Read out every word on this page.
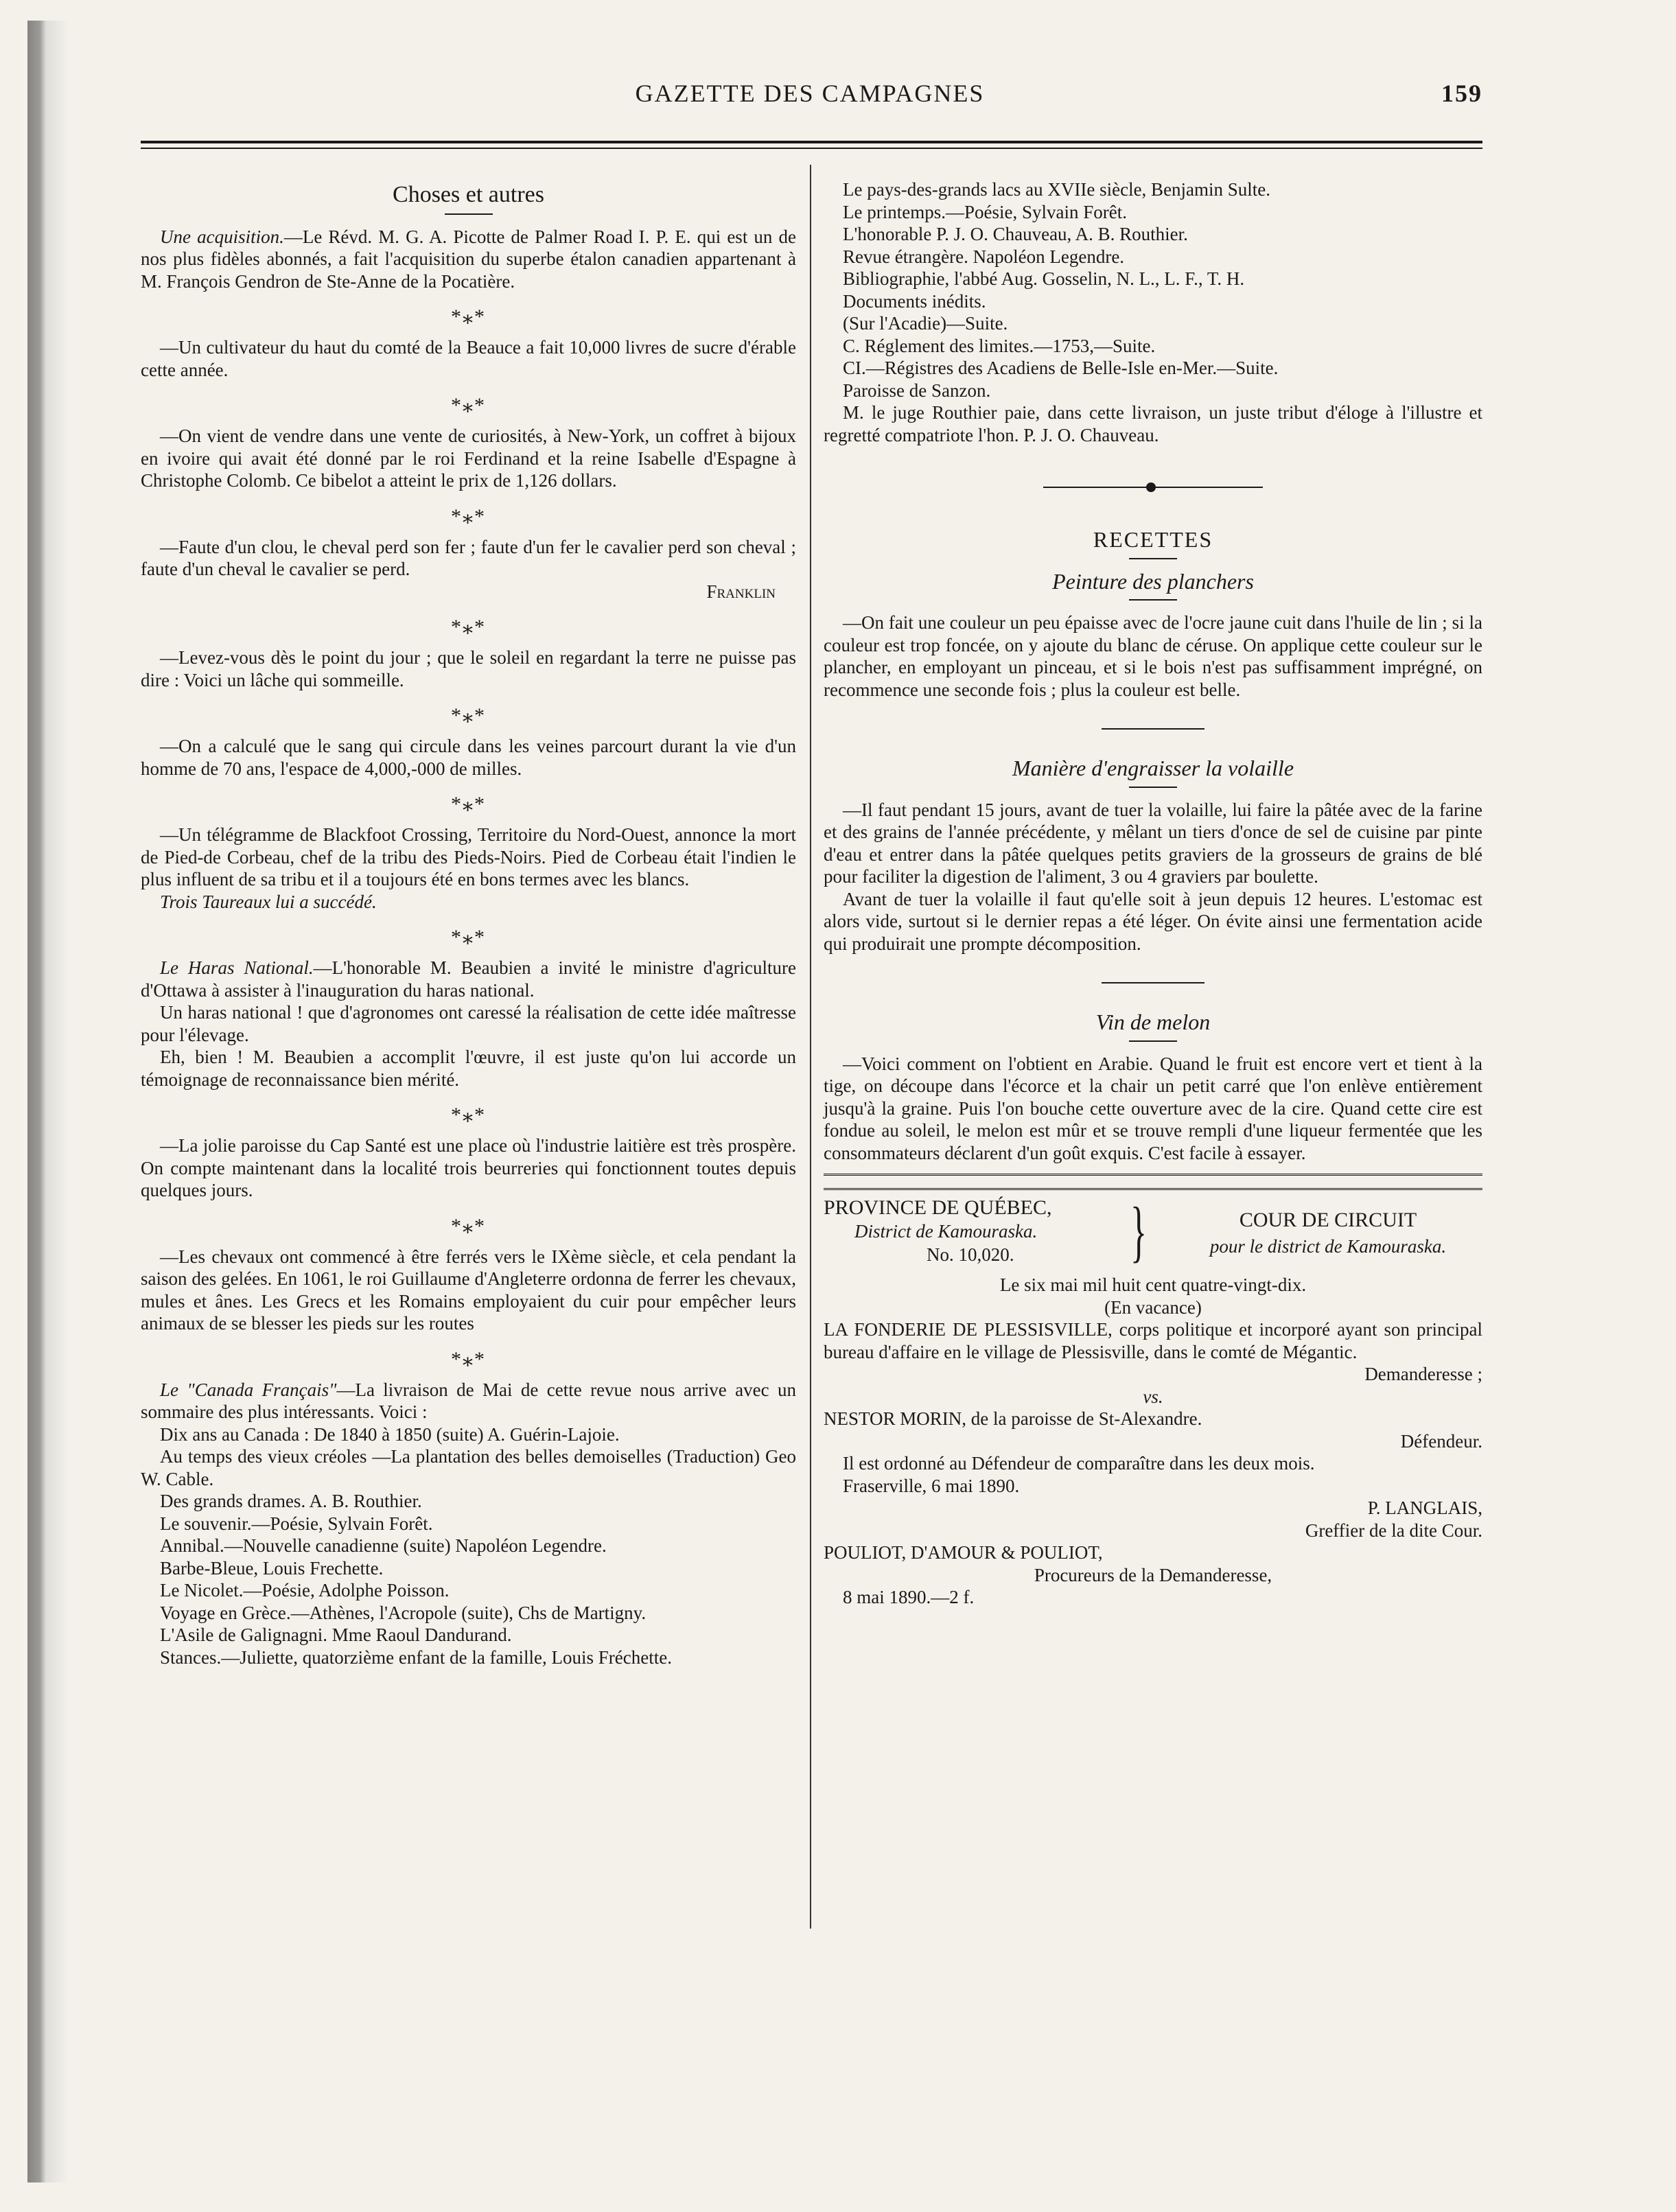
GAZETTE DES CAMPAGNES	159
Choses et autres

Une acquisition.—Le Révd. M. G. A. Picotte de Palmer Road I. P. E. qui est un de nos plus fidèles abonnés, a fait l'acquisition du superbe étalon canadien appartenant à M. François Gendron de Ste-Anne de la Pocatière.

*⁎*

—Un cultivateur du haut du comté de la Beauce a fait 10,000 livres de sucre d'érable cette année.

*⁎*

—On vient de vendre dans une vente de curiosités, à New-York, un coffret à bijoux en ivoire qui avait été donné par le roi Ferdinand et la reine Isabelle d'Espagne à Christophe Colomb. Ce bibelot a atteint le prix de 1,126 dollars.

*⁎*

—Faute d'un clou, le cheval perd son fer ; faute d'un fer le cavalier perd son cheval ; faute d'un cheval le cavalier se perd.

Franklin

*⁎*

—Levez-vous dès le point du jour ; que le soleil en regardant la terre ne puisse pas dire : Voici un lâche qui sommeille.

*⁎*

—On a calculé que le sang qui circule dans les veines parcourt durant la vie d'un homme de 70 ans, l'espace de 4,000,-000 de milles.

*⁎*

—Un télégramme de Blackfoot Crossing, Territoire du Nord-Ouest, annonce la mort de Pied-de Corbeau, chef de la tribu des Pieds-Noirs. Pied de Corbeau était l'indien le plus influent de sa tribu et il a toujours été en bons termes avec les blancs.

Trois Taureaux lui a succédé.

*⁎*

Le Haras National.—L'honorable M. Beaubien a invité le ministre d'agriculture d'Ottawa à assister à l'inauguration du haras national.

Un haras national ! que d'agronomes ont caressé la réalisation de cette idée maîtresse pour l'élevage.

Eh, bien ! M. Beaubien a accomplit l'œuvre, il est juste qu'on lui accorde un témoignage de reconnaissance bien mérité.

*⁎*

—La jolie paroisse du Cap Santé est une place où l'industrie laitière est très prospère. On compte maintenant dans la localité trois beurreries qui fonctionnent toutes depuis quelques jours.

*⁎*

—Les chevaux ont commencé à être ferrés vers le IXème siècle, et cela pendant la saison des gelées. En 1061, le roi Guillaume d'Angleterre ordonna de ferrer les chevaux, mules et ânes. Les Grecs et les Romains employaient du cuir pour empêcher leurs animaux de se blesser les pieds sur les routes

*⁎*

Le "Canada Français"—La livraison de Mai de cette revue nous arrive avec un sommaire des plus intéressants. Voici :

Dix ans au Canada : De 1840 à 1850 (suite) A. Guérin-Lajoie.

Au temps des vieux créoles —La plantation des belles demoiselles (Traduction) Geo W. Cable.

Des grands drames. A. B. Routhier.

Le souvenir.—Poésie, Sylvain Forêt.

Annibal.—Nouvelle canadienne (suite) Napoléon Legendre.

Barbe-Bleue, Louis Frechette.

Le Nicolet.—Poésie, Adolphe Poisson.

Voyage en Grèce.—Athènes, l'Acropole (suite), Chs de Martigny.

L'Asile de Galignagni. Mme Raoul Dandurand.

Stances.—Juliette, quatorzième enfant de la famille, Louis Fréchette.

Le pays-des-grands lacs au XVIIe siècle, Benjamin Sulte.

Le printemps.—Poésie, Sylvain Forêt.

L'honorable P. J. O. Chauveau, A. B. Routhier.

Revue étrangère. Napoléon Legendre.

Bibliographie, l'abbé Aug. Gosselin, N. L., L. F., T. H.

Documents inédits.

(Sur l'Acadie)—Suite.

C. Réglement des limites.—1753,—Suite.

CI.—Régistres des Acadiens de Belle-Isle en-Mer.—Suite.

Paroisse de Sanzon.

M. le juge Routhier paie, dans cette livraison, un juste tribut d'éloge à l'illustre et regretté compatriote l'hon. P. J. O. Chauveau.

RECETTES
Peinture des planchers

—On fait une couleur un peu épaisse avec de l'ocre jaune cuit dans l'huile de lin ; si la couleur est trop foncée, on y ajoute du blanc de céruse. On applique cette couleur sur le plancher, en employant un pinceau, et si le bois n'est pas suffisamment imprégné, on recommence une seconde fois ; plus la couleur est belle.

Manière d'engraisser la volaille

—Il faut pendant 15 jours, avant de tuer la volaille, lui faire la pâtée avec de la farine et des grains de l'année précédente, y mêlant un tiers d'once de sel de cuisine par pinte d'eau et entrer dans la pâtée quelques petits graviers de la grosseurs de grains de blé pour faciliter la digestion de l'aliment, 3 ou 4 graviers par boulette.

Avant de tuer la volaille il faut qu'elle soit à jeun depuis 12 heures. L'estomac est alors vide, surtout si le dernier repas a été léger. On évite ainsi une fermentation acide qui produirait une prompte décomposition.

Vin de melon

—Voici comment on l'obtient en Arabie. Quand le fruit est encore vert et tient à la tige, on découpe dans l'écorce et la chair un petit carré que l'on enlève entièrement jusqu'à la graine. Puis l'on bouche cette ouverture avec de la cire. Quand cette cire est fondue au soleil, le melon est mûr et se trouve rempli d'une liqueur fermentée que les consommateurs déclarent d'un goût exquis. C'est facile à essayer.

PROVINCE DE QUÉBEC,
District de Kamouraska.
No. 10,020. }	COUR DE CIRCUIT
pour le district de Kamouraska.

Le six mai mil huit cent quatre-vingt-dix.

(En vacance)

LA FONDERIE DE PLESSISVILLE, corps politique et incorporé ayant son principal bureau d'affaire en le village de Plessisville, dans le comté de Mégantic.

Demanderesse ;

vs.

NESTOR MORIN, de la paroisse de St-Alexandre.

Défendeur.

Il est ordonné au Défendeur de comparaître dans les deux mois.

Fraserville, 6 mai 1890.

P. LANGLAIS,

Greffier de la dite Cour.

POULIOT, D'AMOUR & POULIOT,

Procureurs de la Demanderesse,

8 mai 1890.—2 f.
